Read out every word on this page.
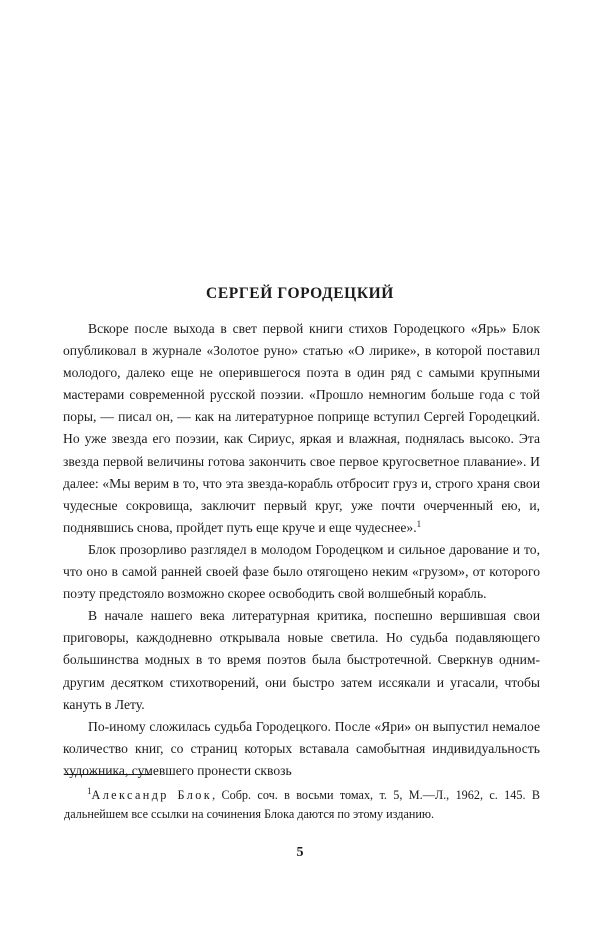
СЕРГЕЙ ГОРОДЕЦКИЙ

Вскоре после выхода в свет первой книги стихов Городецкого «Ярь» Блок опубликовал в журнале «Золотое руно» статью «О лирике», в которой поставил молодого, далеко еще не оперившегося поэта в один ряд с самыми крупными мастерами современной русской поэзии. «Прошло немногим больше года с той поры, — писал он, — как на литературное поприще вступил Сергей Городецкий. Но уже звезда его поэзии, как Сириус, яркая и влажная, поднялась высоко. Эта звезда первой величины готова закончить свое первое кругосветное плавание». И далее: «Мы верим в то, что эта звезда-корабль отбросит груз и, строго храня свои чудесные сокровища, заключит первый круг, уже почти очерченный ею, и, поднявшись снова, пройдет путь еще круче и еще чудеснее».$^1$

Блок прозорливо разглядел в молодом Городецком и сильное дарование и то, что оно в самой ранней своей фазе было отягощено неким «грузом», от которого поэту предстояло возможно скорее освободить свой волшебный корабль.

В начале нашего века литературная критика, поспешно вершившая свои приговоры, каждодневно открывала новые светила. Но судьба подавляющего большинства модных в то время поэтов была быстротечной. Сверкнув одним-другим десятком стихотворений, они быстро затем иссякали и угасали, чтобы кануть в Лету.

По-иному сложилась судьба Городецкого. После «Яри» он выпустил немалое количество книг, со страниц которых вставала самобытная индивидуальность художника, сумевшего пронести сквозь

$^1$Александр Блок, Собр. соч. в восьми томах, т. 5, М.—Л., 1962, с. 145. В дальнейшем все ссылки на сочинения Блока даются по этому изданию.
5
